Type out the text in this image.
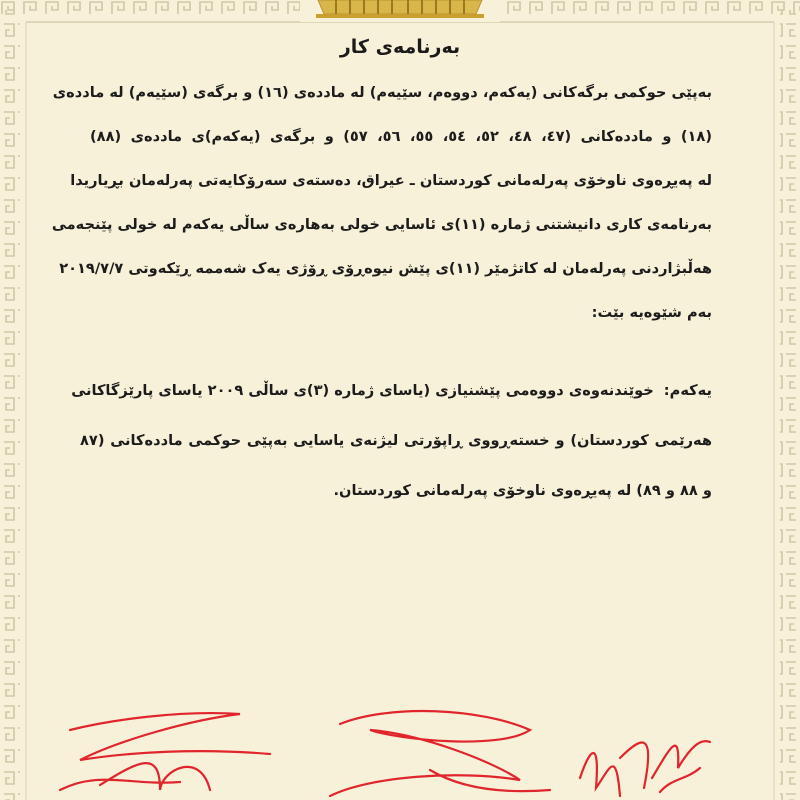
بەرنامەی کار
بەپێی حوکمی برگەکانی (یەکەم، دووەم، سێیەم) لە ماددەی (١٦) و برگەی (سێیەم) لە ماددەی
(١٨) و ماددەکانی (٤٧، ٤٨، ٥٢، ٥٤، ٥٥، ٥٦، ٥٧) و برگەی (یەکەم)ی ماددەی (٨٨)
لە پەیڕەوی ناوخۆی پەرلەمانی کوردستان ـ عیراق، دەستەی سەرۆکایەتی پەرلەمان بڕیاریدا
بەرنامەی کاری دانیشتنی ژمارە (١١)ی ئاسایی خولی بەهارەی ساڵی یەکەم لە خولی پێنجەمی
هەڵبژاردنی پەرلەمان لە کاتژمێر (١١)ی پێش نیوەڕۆی ڕۆژی یەک شەممە ڕێکەوتی ٢٠١٩/٧/٧
بەم شێوەیە بێت:
یەکەم:خوێندنەوەی دووەمی پێشنیازی (یاسای ژمارە (٣)ی ساڵی ٢٠٠٩ یاسای پارێزگاکانی
هەرێمی کوردستان) و خستەڕووی ڕاپۆرتی لیژنەی یاسایی بەپێی حوکمی ماددەکانی (٨٧
و ٨٨ و ٨٩) لە پەیڕەوی ناوخۆی پەرلەمانی کوردستان.
